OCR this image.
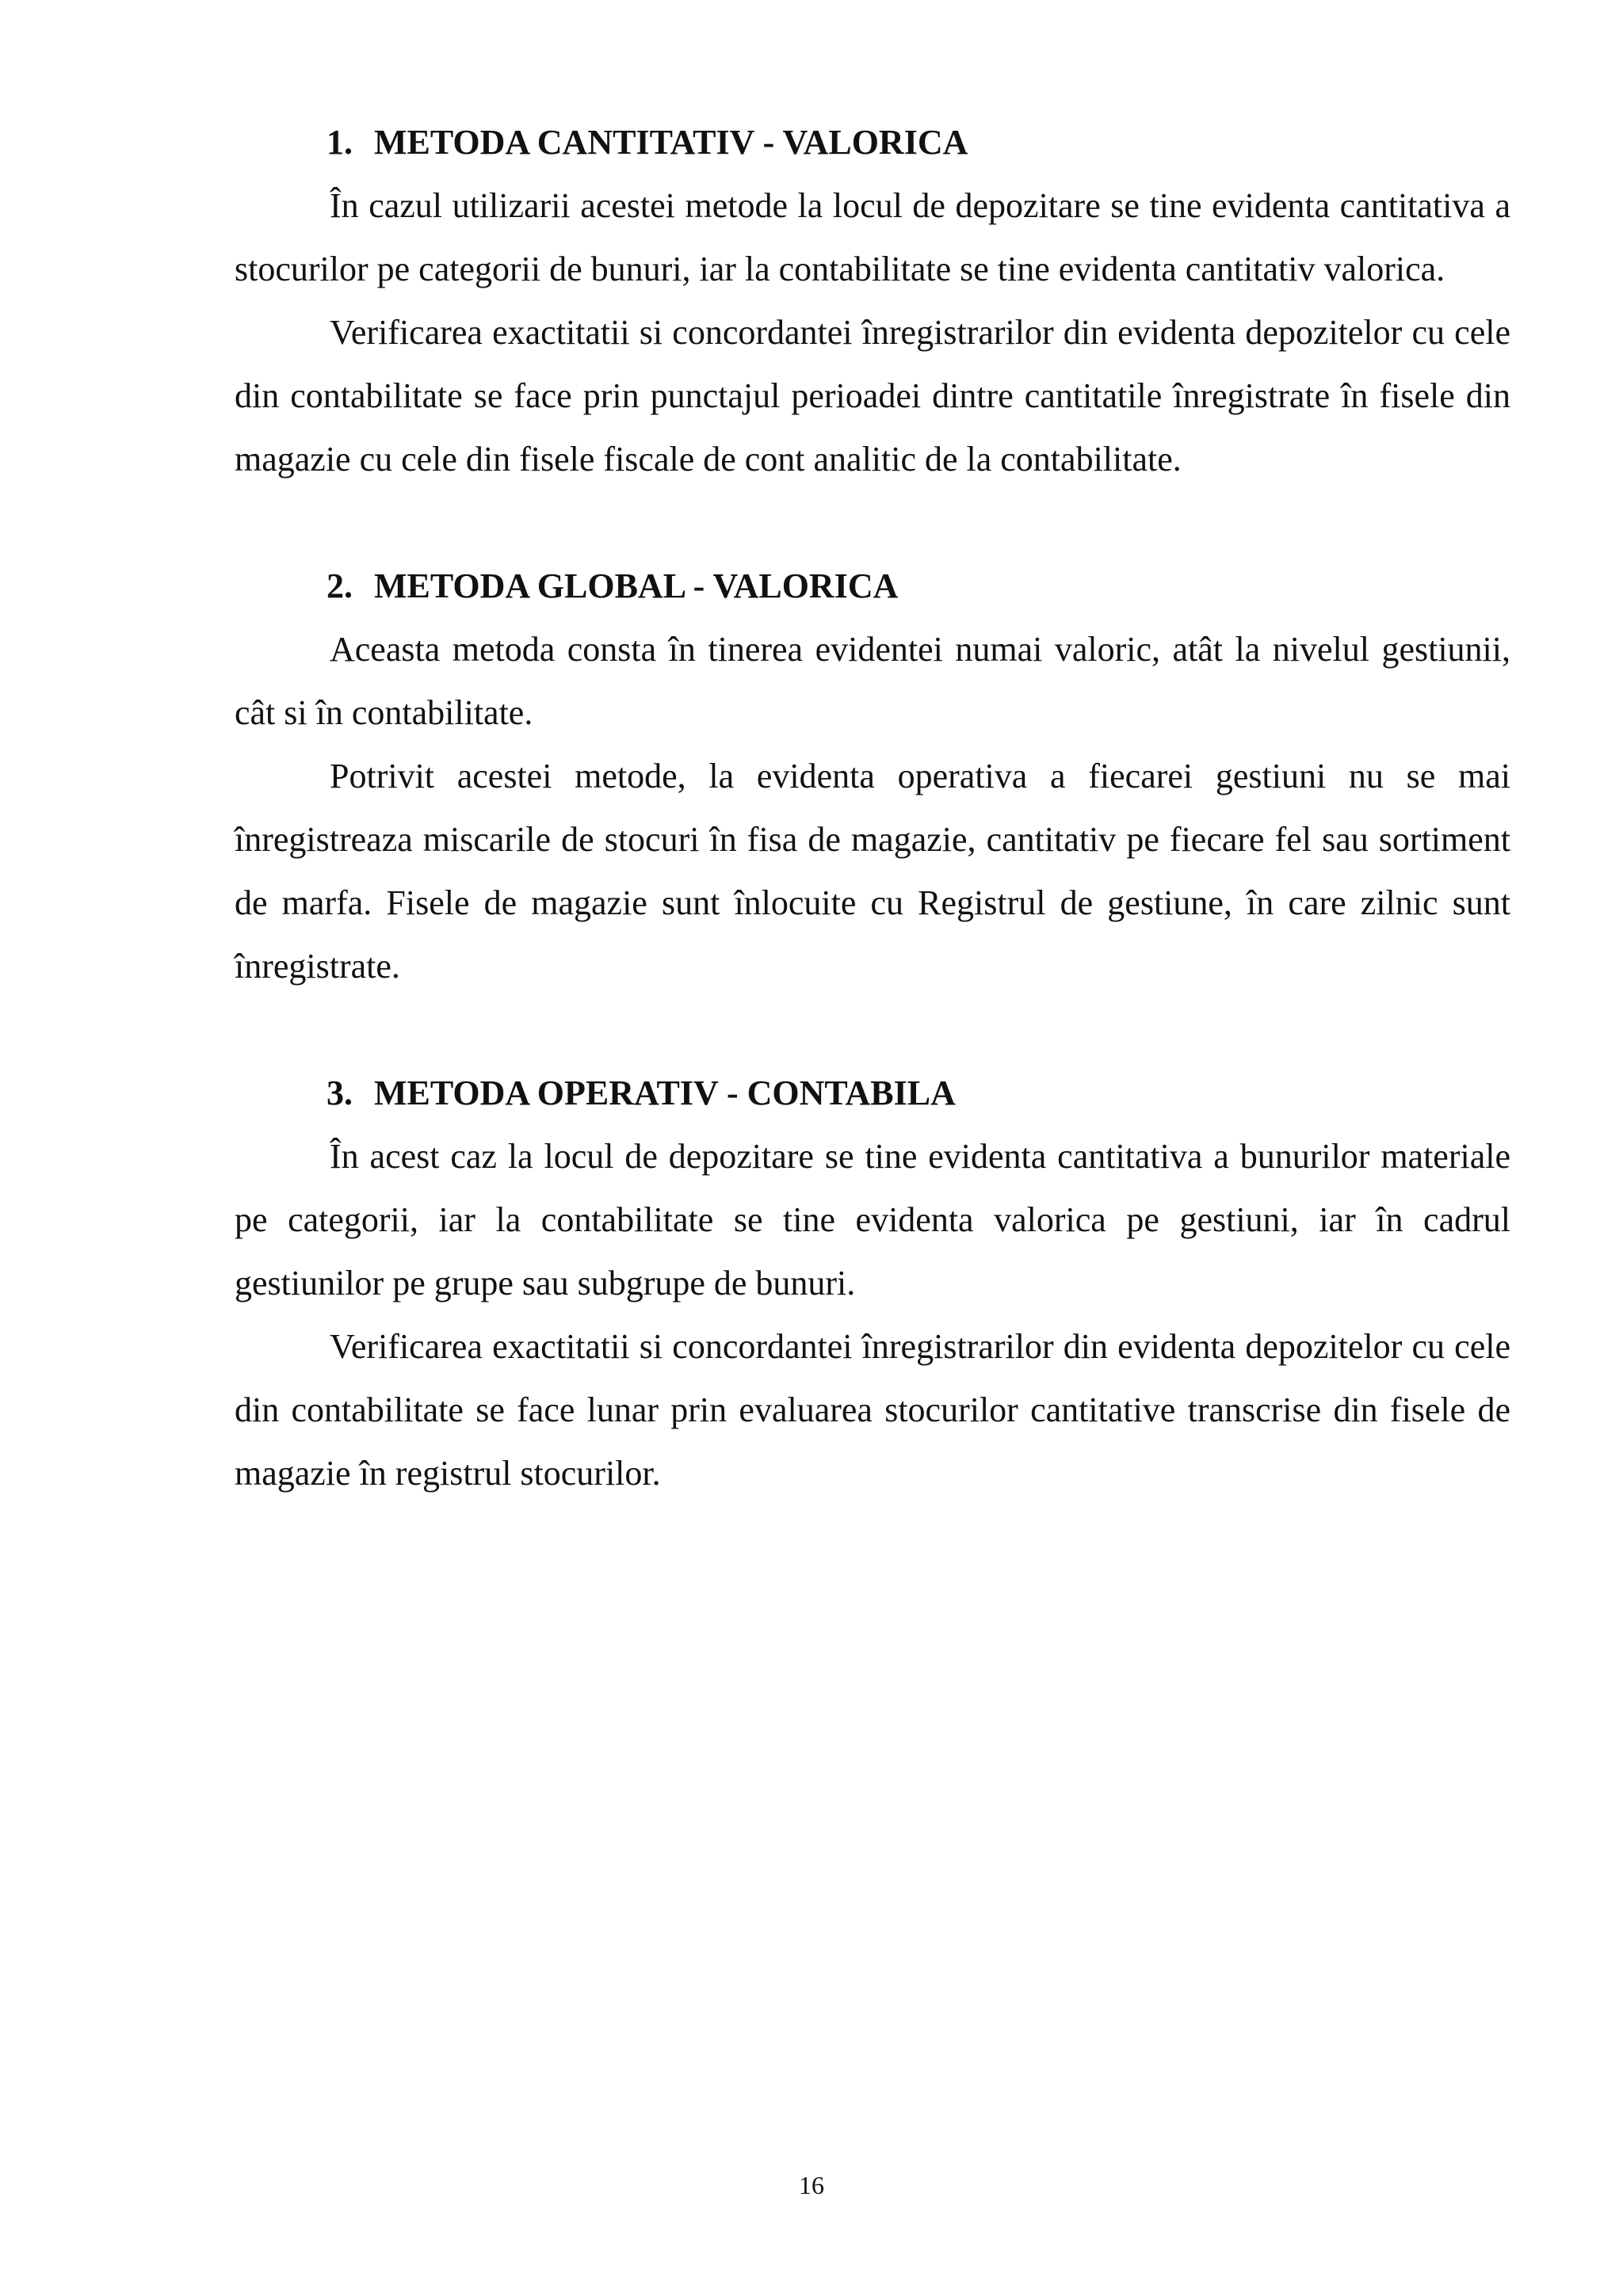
1. METODA CANTITATIV - VALORICA

În cazul utilizarii acestei metode la locul de depozitare se tine evidenta cantitativa a stocurilor pe categorii de bunuri, iar la contabilitate se tine evidenta cantitativ valorica.

Verificarea exactitatii si concordantei înregistrarilor din evidenta depozitelor cu cele din contabilitate se face prin punctajul perioadei dintre cantitatile înregistrate în fisele din magazie cu cele din fisele fiscale de cont analitic de la contabilitate.

2. METODA GLOBAL - VALORICA

Aceasta metoda consta în tinerea evidentei numai valoric, atât la nivelul gestiunii, cât si în contabilitate.

Potrivit acestei metode, la evidenta operativa a fiecarei gestiuni nu se mai înregistreaza miscarile de stocuri în fisa de magazie, cantitativ pe fiecare fel sau sortiment de marfa. Fisele de magazie sunt înlocuite cu Registrul de gestiune, în care zilnic sunt înregistrate.

3. METODA OPERATIV - CONTABILA

În acest caz la locul de depozitare se tine evidenta cantitativa a bunurilor materiale pe categorii, iar la contabilitate se tine evidenta valorica pe gestiuni, iar în cadrul gestiunilor pe grupe sau subgrupe de bunuri.

Verificarea exactitatii si concordantei înregistrarilor din evidenta depozitelor cu cele din contabilitate se face lunar prin evaluarea stocurilor cantitative transcrise din fisele de magazie în registrul stocurilor.

16
